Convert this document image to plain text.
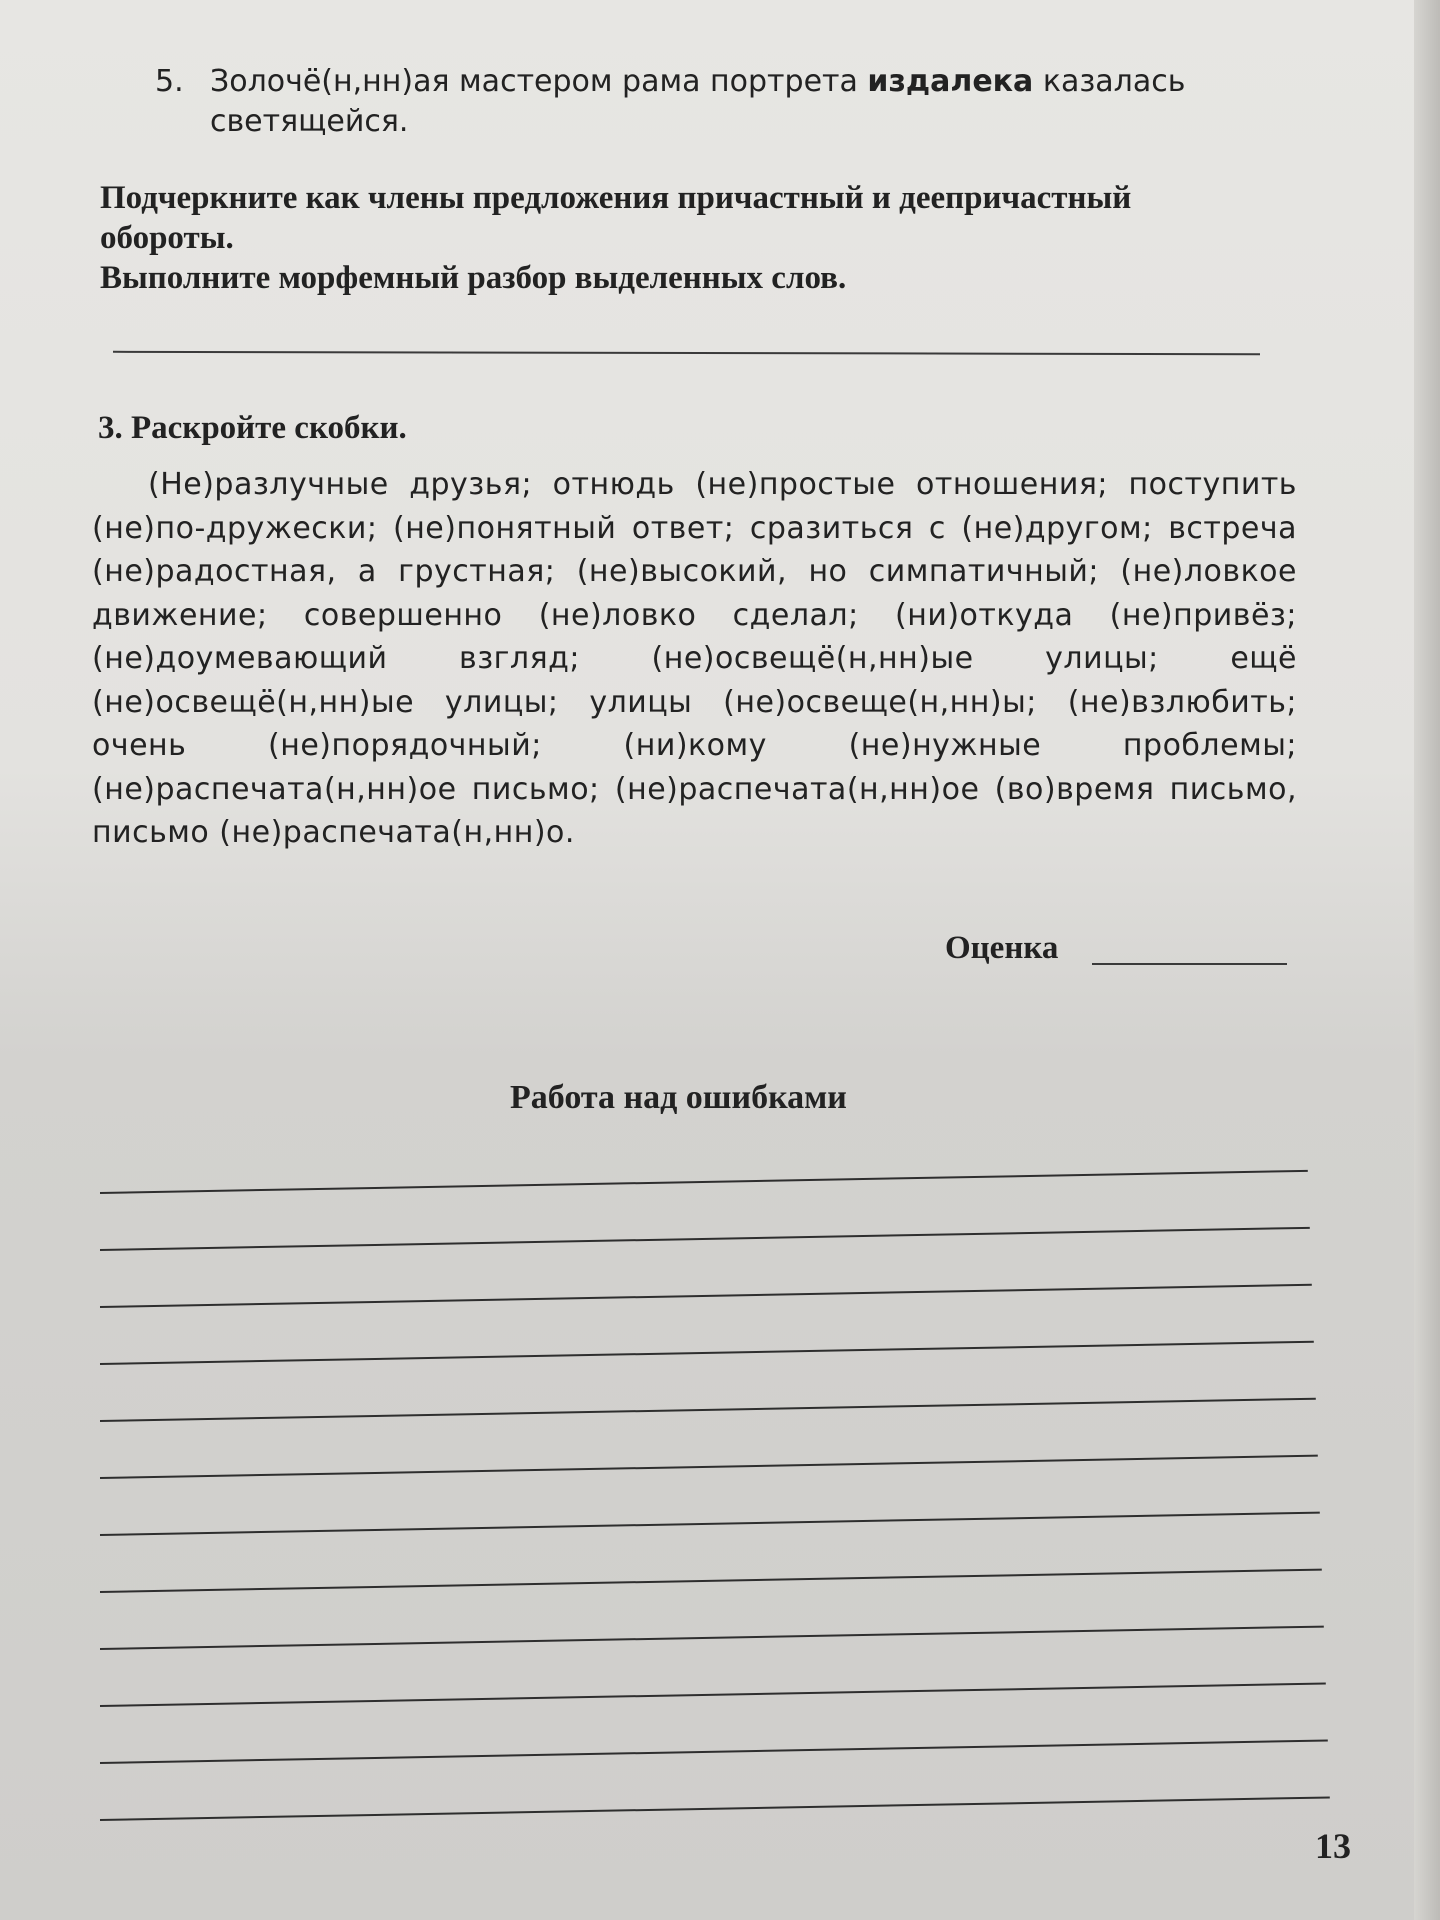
5. Золочё(н,нн)ая мастером рама портрета издалека казалась светящейся.

Подчеркните как члены предложения причастный и деепричастный обороты.

Выполните морфемный разбор выделенных слов.

3. Раскройте скобки.
(Не)разлучные друзья; отнюдь (не)простые отношения; поступить (не)по-дружески; (не)понятный ответ; сразиться с (не)другом; встреча (не)радостная, а грустная; (не)высокий, но симпатичный; (не)ловкое движение; совершенно (не)ловко сделал; (ни)откуда (не)привёз; (не)доумевающий взгляд; (не)освещё(н,нн)ые улицы; ещё (не)освещё(н,нн)ые улицы; улицы (не)освеще(н,нн)ы; (не)взлюбить; очень (не)порядочный; (ни)кому (не)нужные проблемы; (не)распечата(н,нн)ое письмо; (не)распечата(н,нн)ое (во)время письмо, письмо (не)распечата(н,нн)о.
Оценка
Работа над ошибками
13
